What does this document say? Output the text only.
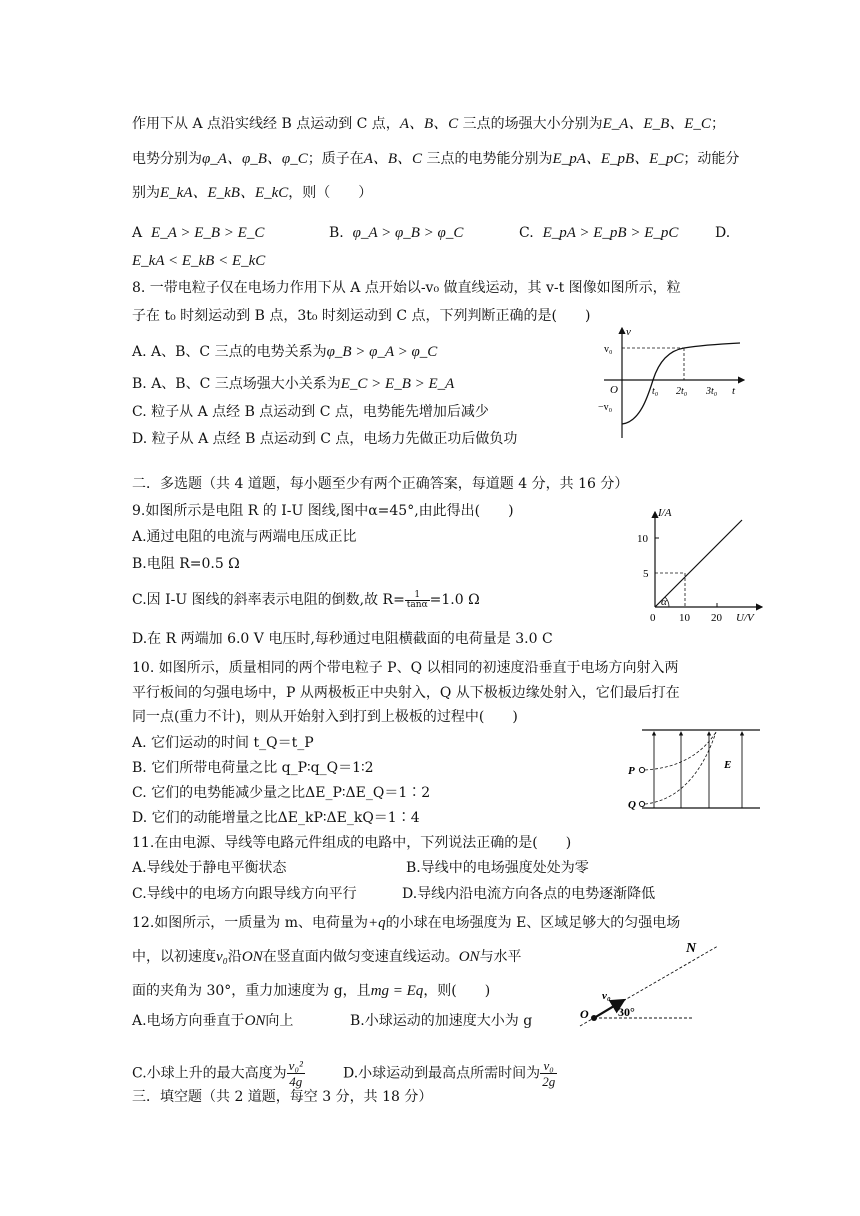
作用下从 A 点沿实线经 B 点运动到 C 点，A、B、C 三点的场强大小分别为E_A、E_B、E_C；
电势分别为φ_A、φ_B、φ_C；质子在A、B、C 三点的电势能分别为E_pA、E_pB、E_pC；动能分
别为E_kA、E_kB、E_kC，则（　　）
A E_A > E_B > E_C	B. φ_A > φ_B > φ_C	C. E_pA > E_pB > E_pC	D.
E_kA < E_kB < E_kC
8. 一带电粒子仅在电场力作用下从 A 点开始以-v₀ 做直线运动，其 v-t 图像如图所示，粒
子在 t₀ 时刻运动到 B 点，3t₀ 时刻运动到 C 点，下列判断正确的是(　　)
A. A、B、C 三点的电势关系为φ_B > φ_A > φ_C
B. A、B、C 三点场强大小关系为E_C > E_B > E_A
C. 粒子从 A 点经 B 点运动到 C 点，电势能先增加后减少
D. 粒子从 A 点经 B 点运动到 C 点，电场力先做正功后做负功
v
t
O
v₀
−v₀
t₀ 2t₀ 3t₀
二．多选题（共 4 道题，每小题至少有两个正确答案，每道题 4 分，共 16 分）
9.如图所示是电阻 R 的 I-U 图线,图中α=45°,由此得出(　　)
A.通过电阻的电流与两端电压成正比
B.电阻 R=0.5 Ω
C.因 I-U 图线的斜率表示电阻的倒数,故 $R= \frac{1}{\tan\alpha} =1.0$ Ω
D.在 R 两端加 6.0 V 电压时,每秒通过电阻横截面的电荷量是 3.0 C
I/A
U/V
10
5
0 10 20
α
10. 如图所示，质量相同的两个带电粒子 P、Q 以相同的初速度沿垂直于电场方向射入两
平行板间的匀强电场中，P 从两极板正中央射入，Q 从下极板边缘处射入，它们最后打在
同一点(重力不计)，则从开始射入到打到上极板的过程中(　　)
A. 它们运动的时间 t_Q＝t_P
B. 它们所带电荷量之比 q_P∶q_Q＝1∶2
C. 它们的电势能减少量之比ΔE_P∶ΔE_Q＝1∶2
D. 它们的动能增量之比ΔE_kP∶ΔE_kQ＝1∶4
P
Q
E
11.在由电源、导线等电路元件组成的电路中，下列说法正确的是(　　)
A.导线处于静电平衡状态	B.导线中的电场强度处处为零
C.导线中的电场方向跟导线方向平行	D.导线内沿电流方向各点的电势逐渐降低
12.如图所示，一质量为 m、电荷量为+q的小球在电场强度为 E、区域足够大的匀强电场
中，以初速度v₀沿ON在竖直面内做匀变速直线运动。ON与水平
面的夹角为 30°，重力加速度为 g，且mg = Eq，则(　　)
A.电场方向垂直于ON向上	B.小球运动的加速度大小为 g
C.小球上升的最大高度为 $\frac{\text{v₀²}}{4g}$	D.小球运动到最高点所需时间为 $\frac{\text{v₀}}{2g}$
N
O
v₀
30°
三．填空题（共 2 道题，每空 3 分，共 18 分）
